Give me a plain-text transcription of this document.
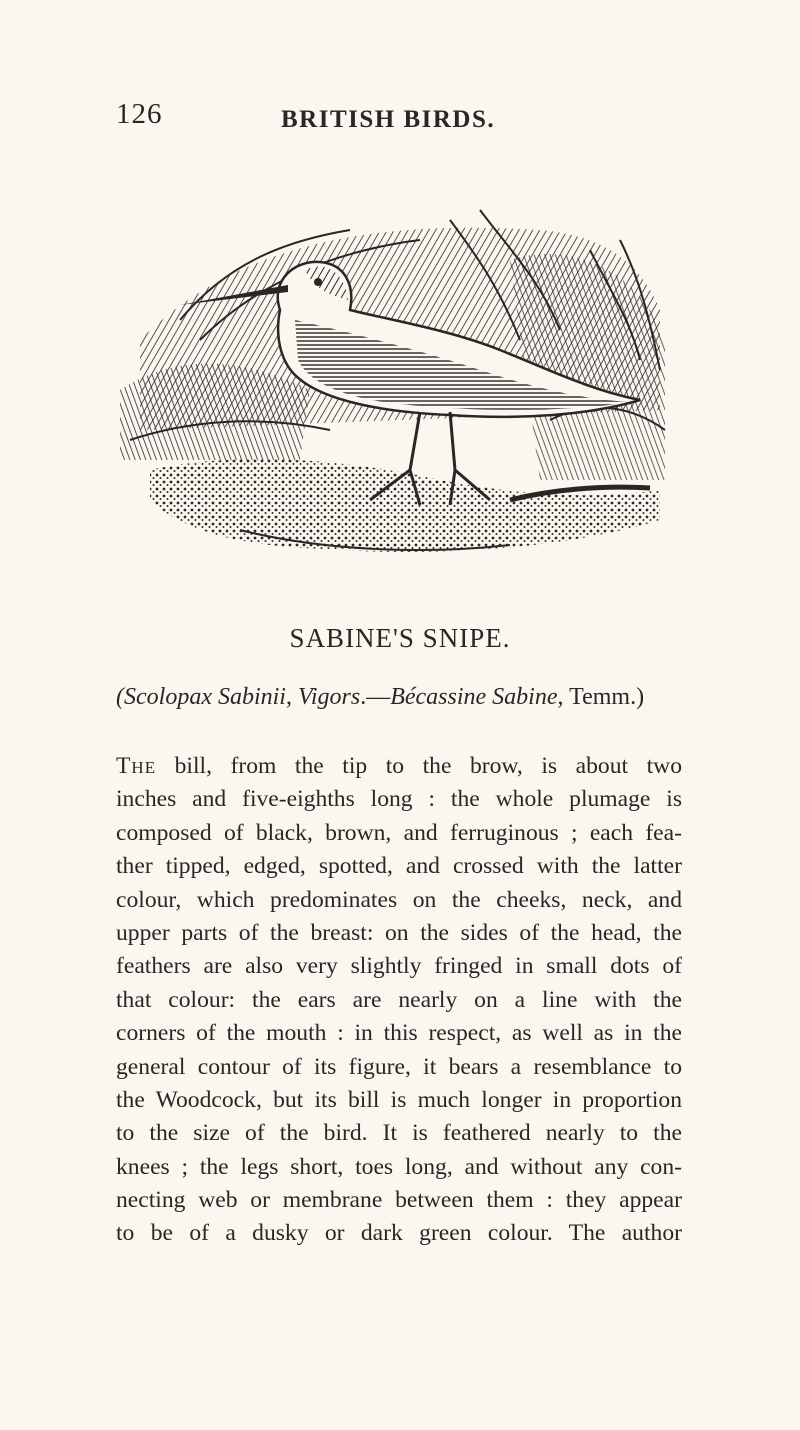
126	BRITISH BIRDS.
SABINE'S SNIPE.
(Scolopax Sabinii, Vigors.—Bécassine Sabine, Temm.)
The bill, from the tip to the brow, is about two
inches and five-eighths long : the whole plumage is
composed of black, brown, and ferruginous ; each fea-
ther tipped, edged, spotted, and crossed with the latter
colour, which predominates on the cheeks, neck, and
upper parts of the breast: on the sides of the head, the
feathers are also very slightly fringed in small dots of
that colour: the ears are nearly on a line with the
corners of the mouth : in this respect, as well as in the
general contour of its figure, it bears a resemblance to
the Woodcock, but its bill is much longer in proportion
to the size of the bird. It is feathered nearly to the
knees ; the legs short, toes long, and without any con-
necting web or membrane between them : they appear
to be of a dusky or dark green colour. The author
